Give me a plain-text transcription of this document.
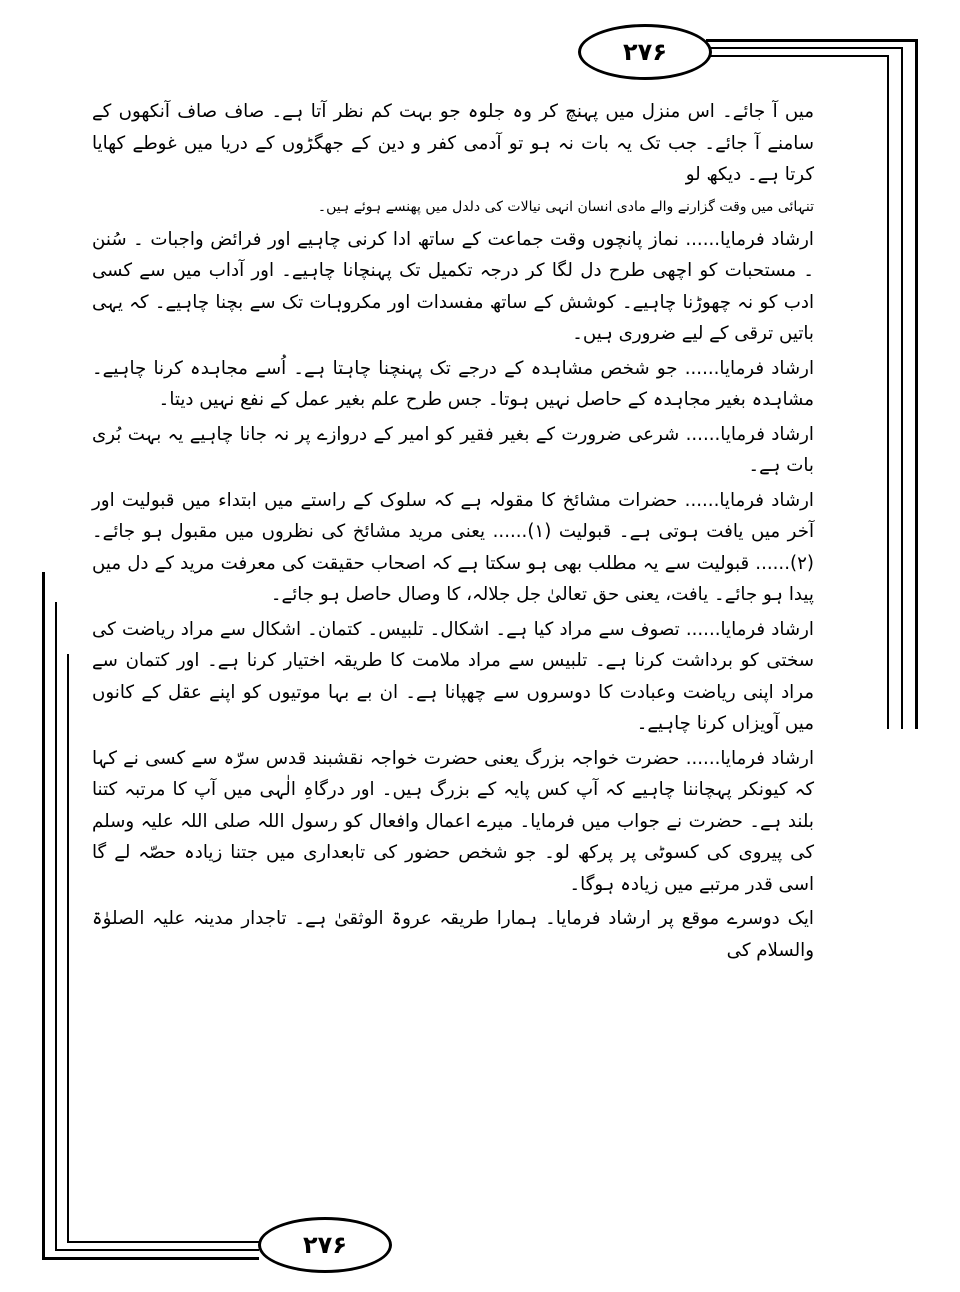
۲۷۶

میں آ جائے۔ اس منزل میں پہنچ کر وہ جلوہ جو بہت کم نظر آتا ہے۔ صاف صاف آنکھوں کے سامنے آ جائے۔ جب تک یہ بات نہ ہو تو آدمی کفر و دین کے جھگڑوں کے دریا میں غوطے کھایا کرتا ہے۔ دیکھ لو

تنہائی میں وقت گزارنے والے مادی انسان انہی نیالات کی دلدل میں پھنسے ہوئے ہیں۔

ارشاد فرمایا...... نماز پانچوں وقت جماعت کے ساتھ ادا کرنی چاہیے اور فرائض واجبات ۔ سُنن ۔ مستحبات کو اچھی طرح دل لگا کر درجہ تکمیل تک پہنچانا چاہیے۔ اور آداب میں سے کسی ادب کو نہ چھوڑنا چاہیے۔ کوشش کے ساتھ مفسدات اور مکروہات تک سے بچنا چاہیے۔ کہ یہی باتیں ترقی کے لیے ضروری ہیں۔

ارشاد فرمایا...... جو شخص مشاہدہ کے درجے تک پہنچنا چاہتا ہے۔ اُسے مجاہدہ کرنا چاہیے۔ مشاہدہ بغیر مجاہدہ کے حاصل نہیں ہوتا۔ جس طرح علم بغیر عمل کے نفع نہیں دیتا۔

ارشاد فرمایا...... شرعی ضرورت کے بغیر فقیر کو امیر کے دروازے پر نہ جانا چاہیے یہ بہت بُری بات ہے۔

ارشاد فرمایا...... حضرات مشائخ کا مقولہ ہے کہ سلوک کے راستے میں ابتداء میں قبولیت اور آخر میں یافت ہوتی ہے۔ قبولیت (۱)...... یعنی مرید مشائخ کی نظروں میں مقبول ہو جائے۔ (۲)...... قبولیت سے یہ مطلب بھی ہو سکتا ہے کہ اصحاب حقیقت کی معرفت مرید کے دل میں پیدا ہو جائے۔ یافت، یعنی حق تعالیٰ جل جلالہ، کا وصال حاصل ہو جائے۔

ارشاد فرمایا...... تصوف سے مراد کیا ہے۔ اشکال۔ تلبیس۔ کتمان۔ اشکال سے مراد ریاضت کی سختی کو برداشت کرنا ہے۔ تلبیس سے مراد ملامت کا طریقہ اختیار کرنا ہے۔ اور کتمان سے مراد اپنی ریاضت وعبادت کا دوسروں سے چھپانا ہے۔ ان بے بہا موتیوں کو اپنے عقل کے کانوں میں آویزاں کرنا چاہیے۔

ارشاد فرمایا...... حضرت خواجہ بزرگ یعنی حضرت خواجہ نقشبند قدس سرّہ سے کسی نے کہا کہ کیونکر پہچاننا چاہیے کہ آپ کس پایہ کے بزرگ ہیں۔ اور درگاہِ الٰہی میں آپ کا مرتبہ کتنا بلند ہے۔ حضرت نے جواب میں فرمایا۔ میرے اعمال وافعال کو رسول اللہ صلی اللہ علیہ وسلم کی پیروی کی کسوٹی پر پرکھ لو۔ جو شخص حضور کی تابعداری میں جتنا زیادہ حصّہ لے گا اسی قدر مرتبے میں زیادہ ہوگا۔

ایک دوسرے موقع پر ارشاد فرمایا۔ ہمارا طریقہ عروۃ الوثقیٰ ہے۔ تاجدار مدینہ علیہ الصلوٰۃ والسلام کی

۲۷۶
